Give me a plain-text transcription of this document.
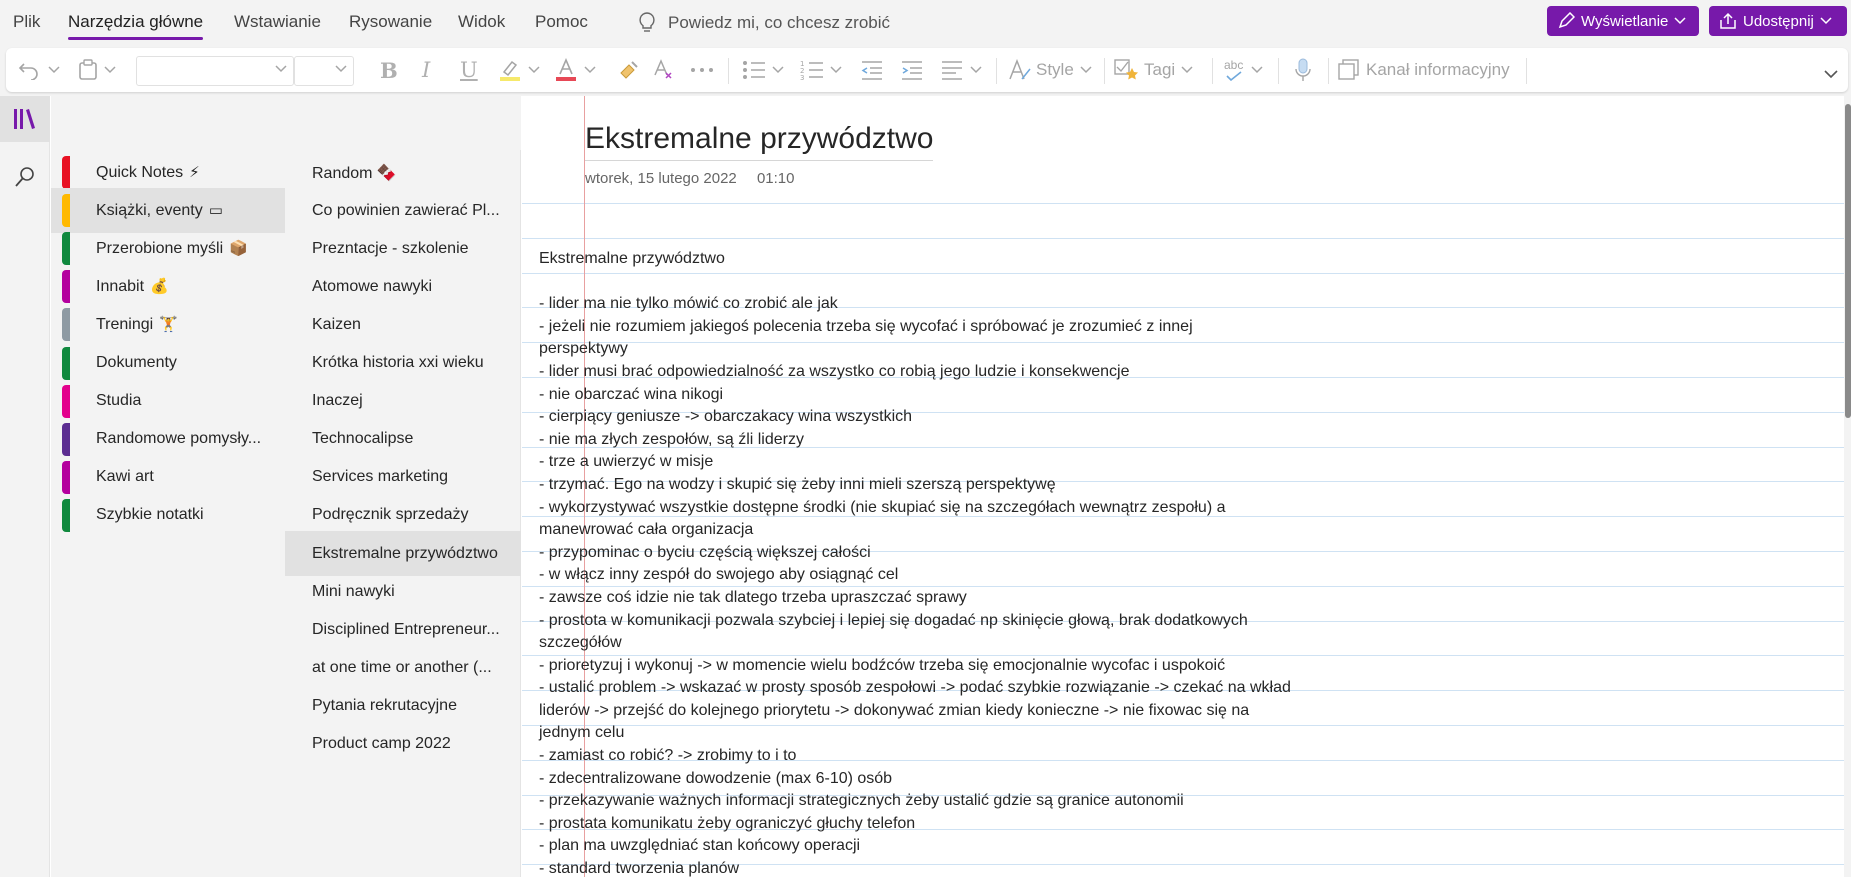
Plik Narzędzia główne Wstawianie Rysowanie Widok Pomoc	Powiedz mi, co chcesz zrobić	Wyświetlanie	Udostępnij
B I U	1
2
3	Style	Tagi	abc	Kanał informacyjny
Quick Notes ⚡
Książki, eventy ▭
Przerobione myśli 📦
Innabit 💰
Treningi 🏋
Dokumenty
Studia
Randomowe pomysły...
Kawi art
Szybkie notatki
Random 🍫
Co powinien zawierać Pl...
Prezntacje - szkolenie
Atomowe nawyki
Kaizen
Krótka historia xxi wieku
Inaczej
Technocalipse
Services marketing
Podręcznik sprzedaży
Ekstremalne przywództwo
Mini nawyki
Disciplined Entrepreneur...
at one time or another (...
Pytania rekrutacyjne
Product camp 2022
Ekstremalne przywództwo
wtorek, 15 lutego 2022 01:10
Ekstremalne przywództwo
- lider ma nie tylko mówić co zrobić ale jak
- jeżeli nie rozumiem jakiegoś polecenia trzeba się wycofać i spróbować je zrozumieć z innej
perspektywy
- lider musi brać odpowiedzialność za wszystko co robią jego ludzie i konsekwencje
- nie obarczać wina nikogi
- cierpiący geniusze -> obarczakacy wina wszystkich
- nie ma złych zespołów, są źli liderzy
- trze a uwierzyć w misje
- trzymać. Ego na wodzy i skupić się żeby inni mieli szerszą perspektywę
- wykorzystywać wszystkie dostępne środki (nie skupiać się na szczegółach wewnątrz zespołu) a
manewrować cała organizacja
- przypominac o byciu częścią większej całości
- w włącz inny zespół do swojego aby osiągnąć cel
- zawsze coś idzie nie tak dlatego trzeba upraszczać sprawy
- prostota w komunikacji pozwala szybciej i lepiej się dogadać np skinięcie głową, brak dodatkowych
szczegółów
- prioretyzuj i wykonuj -> w momencie wielu bodźców trzeba się emocjonalnie wycofac i uspokoić
- ustalić problem -> wskazać w prosty sposób zespołowi -> podać szybkie rozwiązanie -> czekać na wkład
liderów -> przejść do kolejnego priorytetu -> dokonywać zmian kiedy konieczne -> nie fixowac się na
jednym celu
- zamiast co robić? -> zrobimy to i to
- zdecentralizowane dowodzenie (max 6-10) osób
- przekazywanie ważnych informacji strategicznych żeby ustalić gdzie są granice autonomii
- prostata komunikatu żeby ograniczyć głuchy telefon
- plan ma uwzględniać stan końcowy operacji
- standard tworzenia planów
